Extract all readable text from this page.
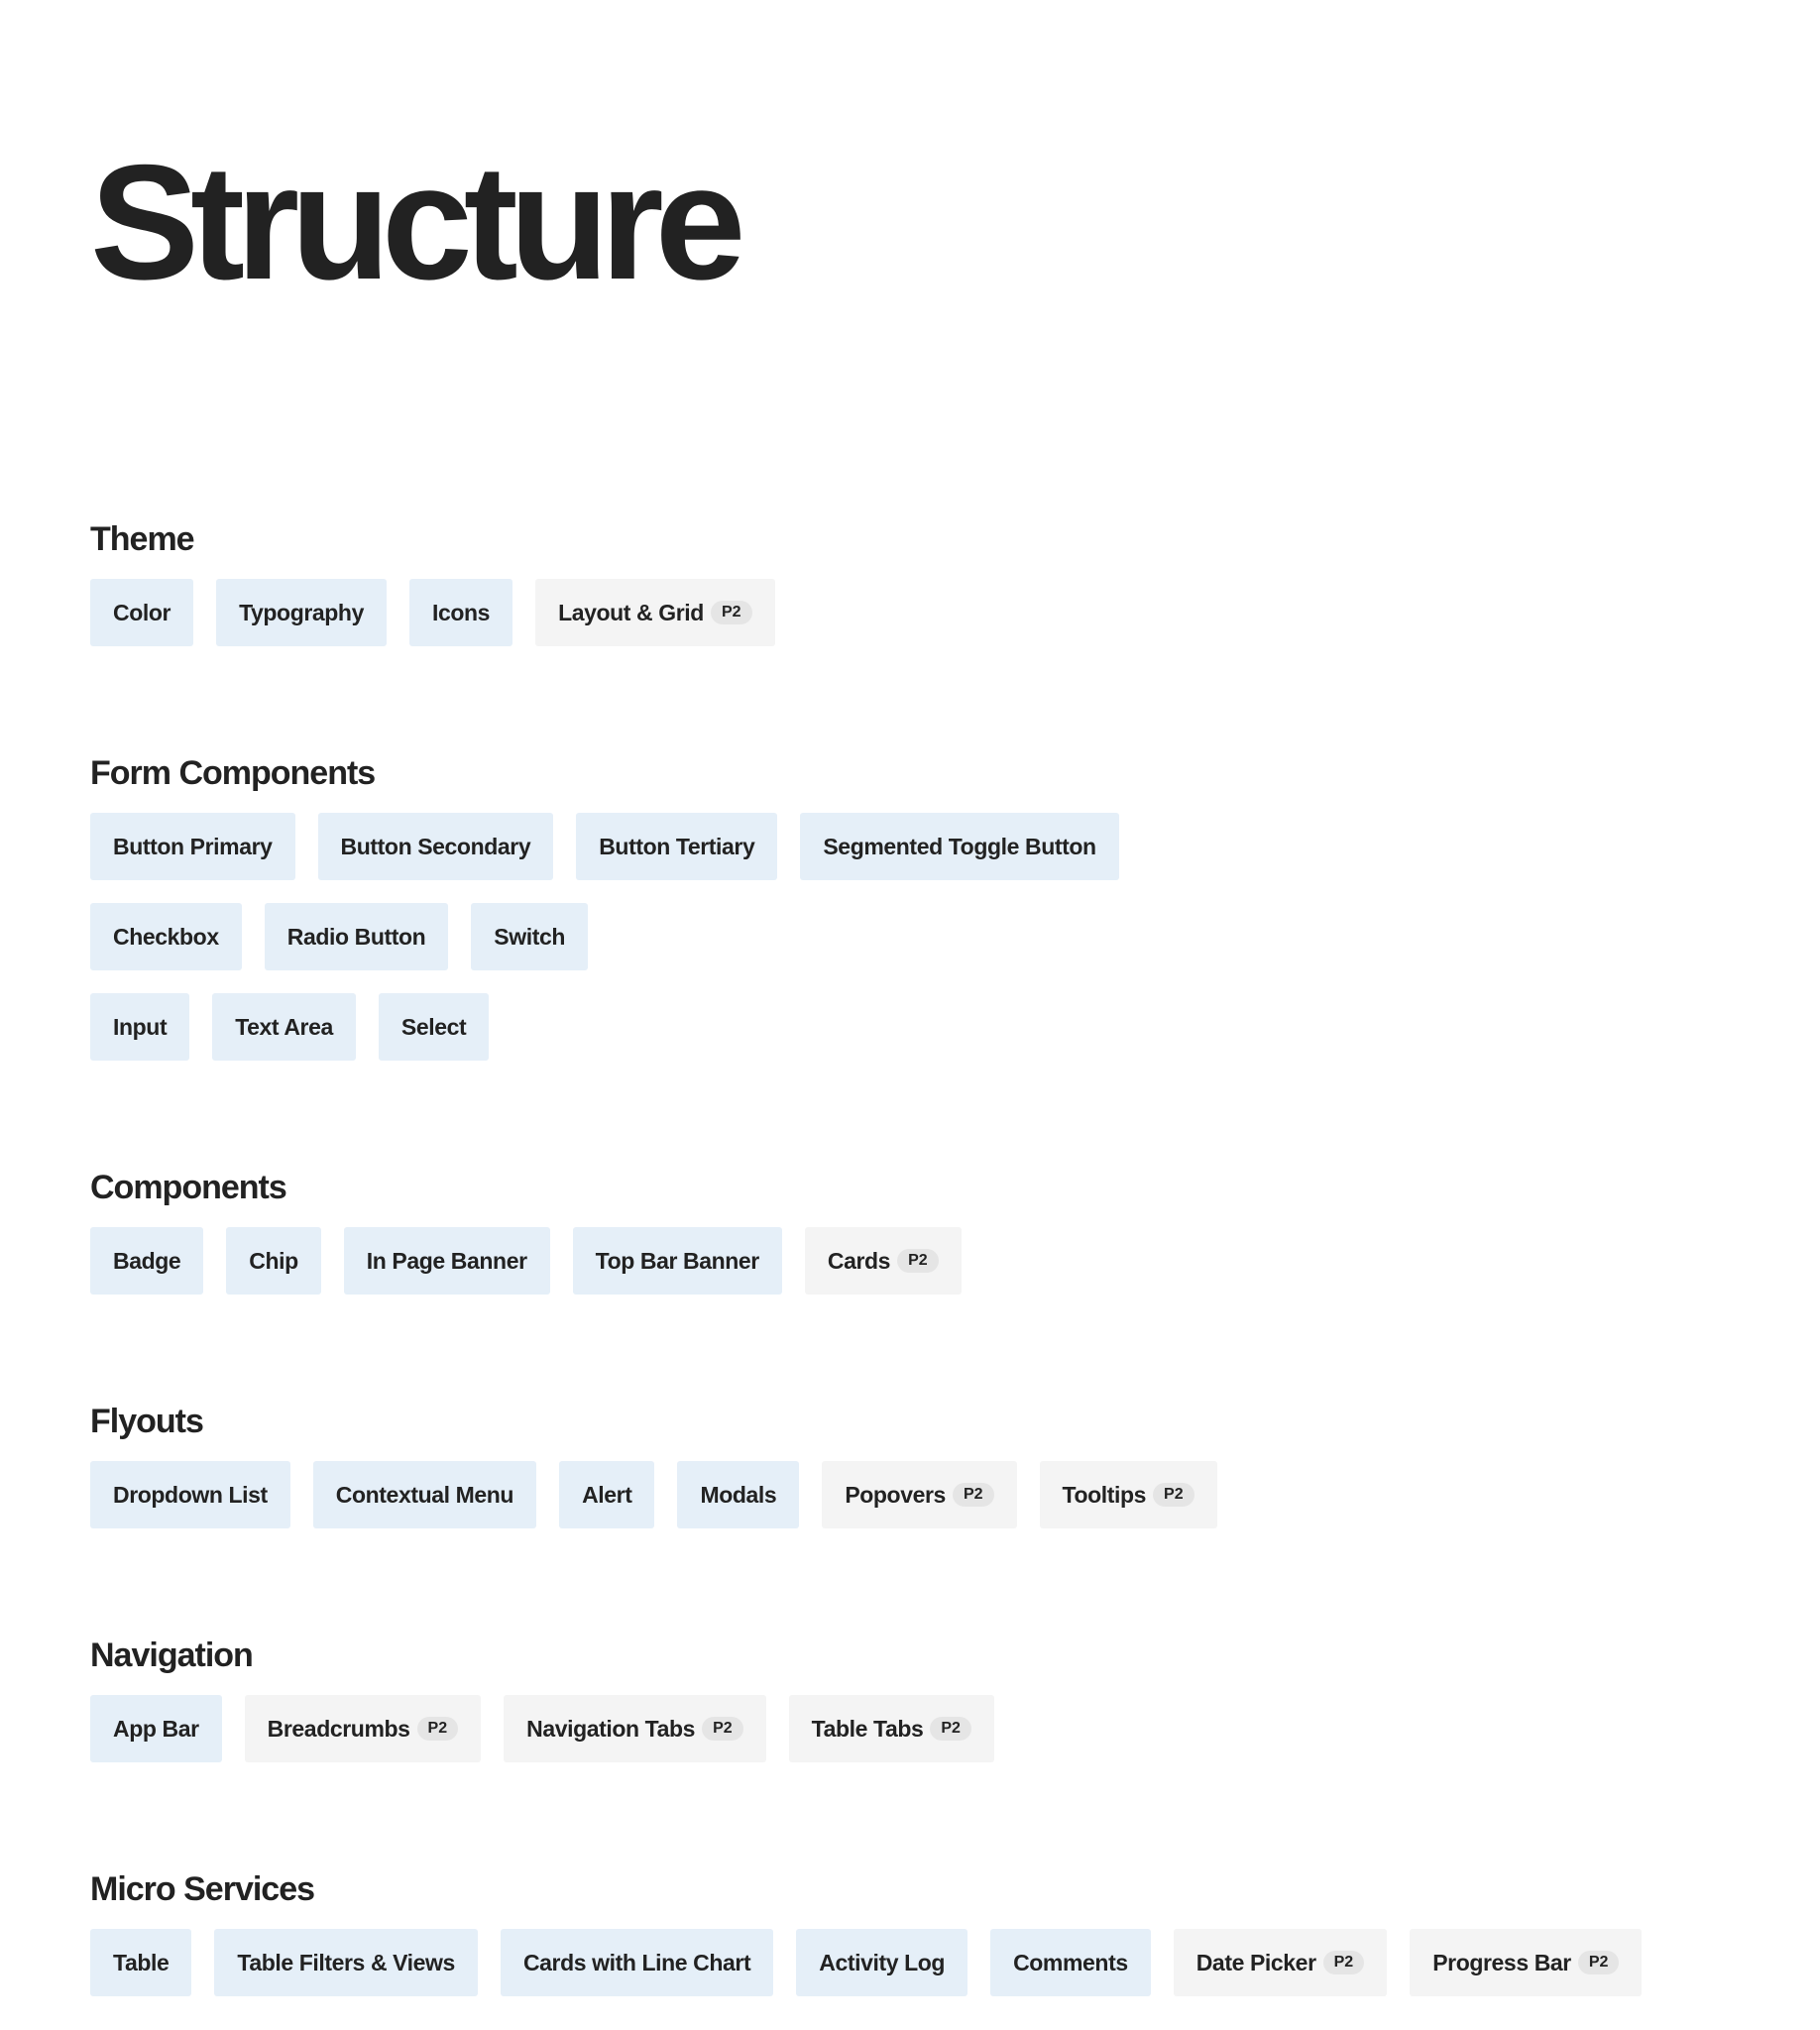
Structure
Theme
Color	Typography	Icons	Layout & Grid	P2
Form Components
Button Primary	Button Secondary	Button Tertiary	Segmented Toggle Button
Checkbox	Radio Button	Switch
Input	Text Area	Select
Components
Badge	Chip	In Page Banner	Top Bar Banner	Cards	P2
Flyouts
Dropdown List	Contextual Menu	Alert	Modals	Popovers	P2	Tooltips	P2
Navigation
App Bar	Breadcrumbs	P2	Navigation Tabs	P2	Table Tabs	P2
Micro Services
Table	Table Filters & Views	Cards with Line Chart	Activity Log	Comments	Date Picker	P2	Progress Bar	P2
